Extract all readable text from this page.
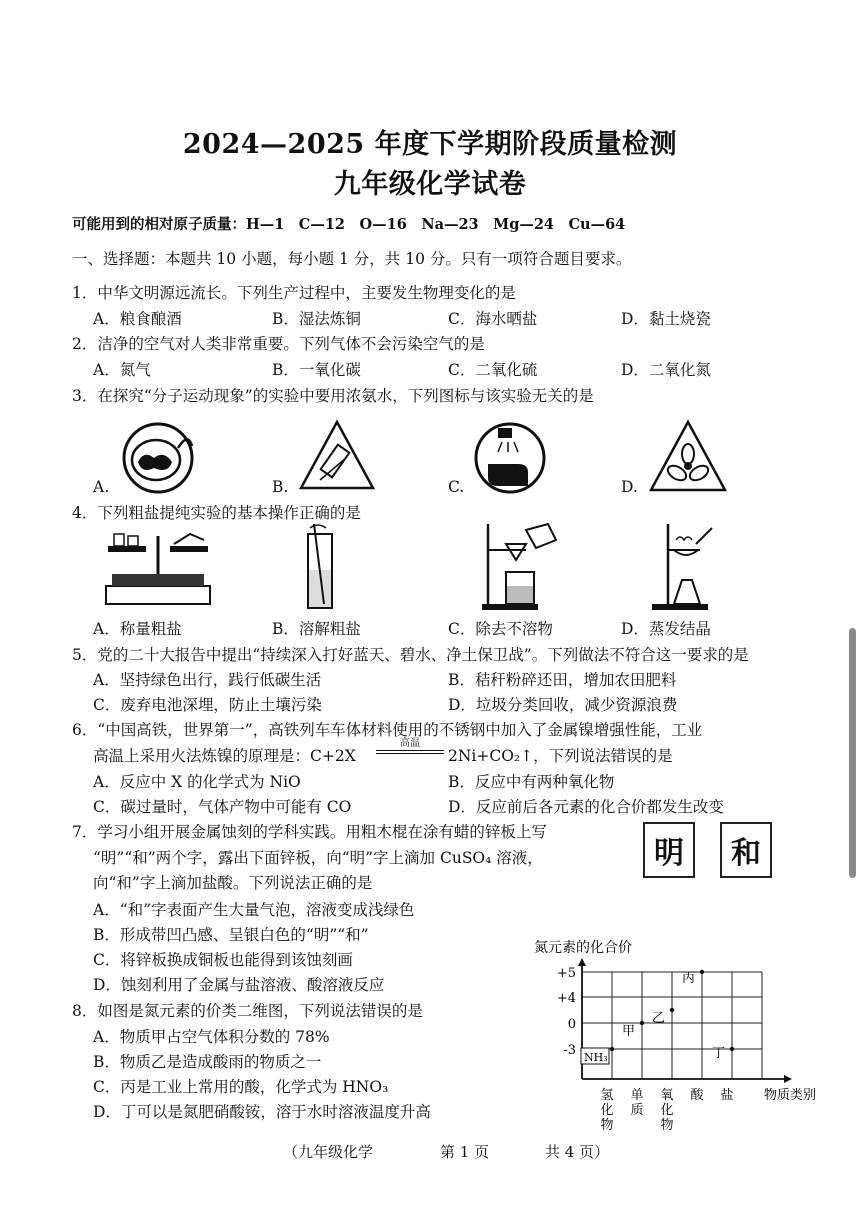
2024—2025 年度下学期阶段质量检测
九年级化学试卷
可能用到的相对原子质量：H—1　C—12　O—16　Na—23　Mg—24　Cu—64
一、选择题：本题共 10 小题，每小题 1 分，共 10 分。只有一项符合题目要求。
1．中华文明源远流长。下列生产过程中，主要发生物理变化的是
A．粮食酿酒	B．湿法炼铜	C．海水晒盐	D．黏土烧瓷
2．洁净的空气对人类非常重要。下列气体不会污染空气的是
A．氮气	B．一氧化碳	C．二氧化硫	D．二氧化氮
3．在探究“分子运动现象”的实验中要用浓氨水，下列图标与该实验无关的是
A.	B.	C.	D.
4．下列粗盐提纯实验的基本操作正确的是
A．称量粗盐	B．溶解粗盐	C．除去不溶物	D．蒸发结晶
5．党的二十大报告中提出“持续深入打好蓝天、碧水、净土保卫战”。下列做法不符合这一要求的是
A．坚持绿色出行，践行低碳生活	B．秸秆粉碎还田，增加农田肥料
C．废弃电池深埋，防止土壤污染	D．垃圾分类回收，减少资源浪费
6．“中国高铁，世界第一”，高铁列车车体材料使用的不锈钢中加入了金属镍增强性能，工业
高温上采用火法炼镍的原理是：C+2X
高温
2Ni+CO₂↑，下列说法错误的是
A．反应中 X 的化学式为 NiO	B．反应中有两种氧化物
C．碳过量时，气体产物中可能有 CO	D．反应前后各元素的化合价都发生改变
7．学习小组开展金属蚀刻的学科实践。用粗木棍在涂有蜡的锌板上写
“明”“和”两个字，露出下面锌板，向“明”字上滴加 CuSO₄ 溶液，
向“和”字上滴加盐酸。下列说法正确的是
明	和
A．“和”字表面产生大量气泡，溶液变成浅绿色
B．形成带凹凸感、呈银白色的“明”“和”
C．将锌板换成铜板也能得到该蚀刻画
D．蚀刻利用了金属与盐溶液、酸溶液反应
8．如图是氮元素的价类二维图，下列说法错误的是
A．物质甲占空气体积分数的 78%
B．物质乙是造成酸雨的物质之一
C．丙是工业上常用的酸，化学式为 HNO₃
D．丁可以是氮肥硝酸铵，溶于水时溶液温度升高
氮元素的化合价
+5
+4
0
-3
氢化物
单质
氧化物
酸 盐 物质类别
NH₃
甲
乙
丙
丁
（九年级化学	第 1 页	共 4 页）
